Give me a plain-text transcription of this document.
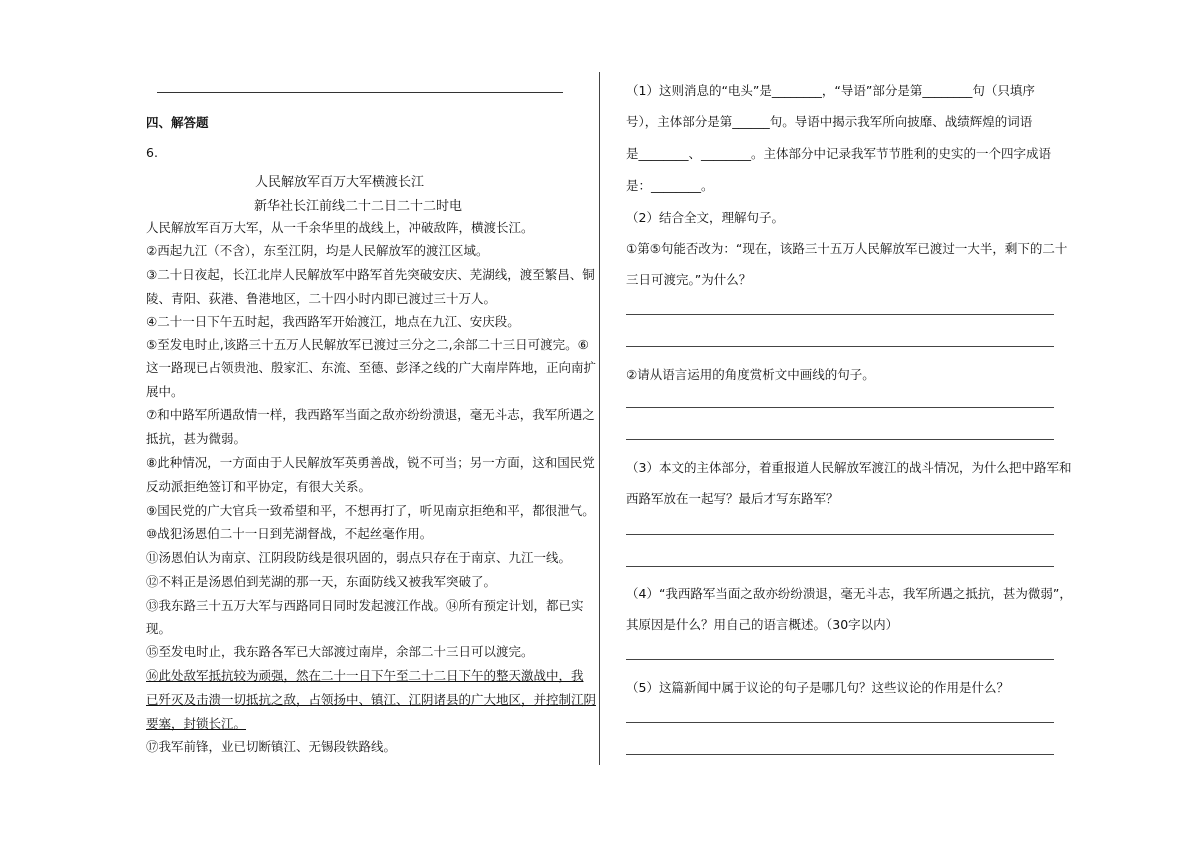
四、解答题
6.
人民解放军百万大军横渡长江
新华社长江前线二十二日二十二时电
人民解放军百万大军，从一千余华里的战线上，冲破敌阵，横渡长江。
②西起九江（不含），东至江阴，均是人民解放军的渡江区域。
③二十日夜起，长江北岸人民解放军中路军首先突破安庆、芜湖线，渡至繁昌、铜
陵、青阳、荻港、鲁港地区，二十四小时内即已渡过三十万人。
④二十一日下午五时起，我西路军开始渡江，地点在九江、安庆段。
⑤至发电时止,该路三十五万人民解放军已渡过三分之二,余部二十三日可渡完。⑥
这一路现已占领贵池、殷家汇、东流、至德、彭泽之线的广大南岸阵地，正向南扩
展中。
⑦和中路军所遇敌情一样，我西路军当面之敌亦纷纷溃退，毫无斗志，我军所遇之
抵抗，甚为微弱。
⑧此种情况，一方面由于人民解放军英勇善战，锐不可当；另一方面，这和国民党
反动派拒绝签订和平协定，有很大关系。
⑨国民党的广大官兵一致希望和平，不想再打了，听见南京拒绝和平，都很泄气。
⑩战犯汤恩伯二十一日到芜湖督战，不起丝毫作用。
⑪汤恩伯认为南京、江阴段防线是很巩固的，弱点只存在于南京、九江一线。
⑫不料正是汤恩伯到芜湖的那一天，东面防线又被我军突破了。
⑬我东路三十五万大军与西路同日同时发起渡江作战。⑭所有预定计划，都已实
现。
⑮至发电时止，我东路各军已大部渡过南岸，余部二十三日可以渡完。
⑯此处敌军抵抗较为顽强，然在二十一日下午至二十二日下午的整天激战中，我
已歼灭及击溃一切抵抗之敌，占领扬中、镇江、江阴诸县的广大地区，并控制江阴
要塞，封锁长江。
⑰我军前锋，业已切断镇江、无锡段铁路线。
（1）这则消息的“电头”是________，“导语”部分是第________句（只填序
号），主体部分是第______句。导语中揭示我军所向披靡、战绩辉煌的词语
是________、________。主体部分中记录我军节节胜利的史实的一个四字成语
是：________。
（2）结合全文，理解句子。
①第⑤句能否改为：“现在，该路三十五万人民解放军已渡过一大半，剩下的二十
三日可渡完。”为什么？
②请从语言运用的角度赏析文中画线的句子。
（3）本文的主体部分，着重报道人民解放军渡江的战斗情况，为什么把中路军和
西路军放在一起写？最后才写东路军？
（4）“我西路军当面之敌亦纷纷溃退，毫无斗志，我军所遇之抵抗，甚为微弱”，
其原因是什么？用自己的语言概述。（30字以内）
（5）这篇新闻中属于议论的句子是哪几句？这些议论的作用是什么？
